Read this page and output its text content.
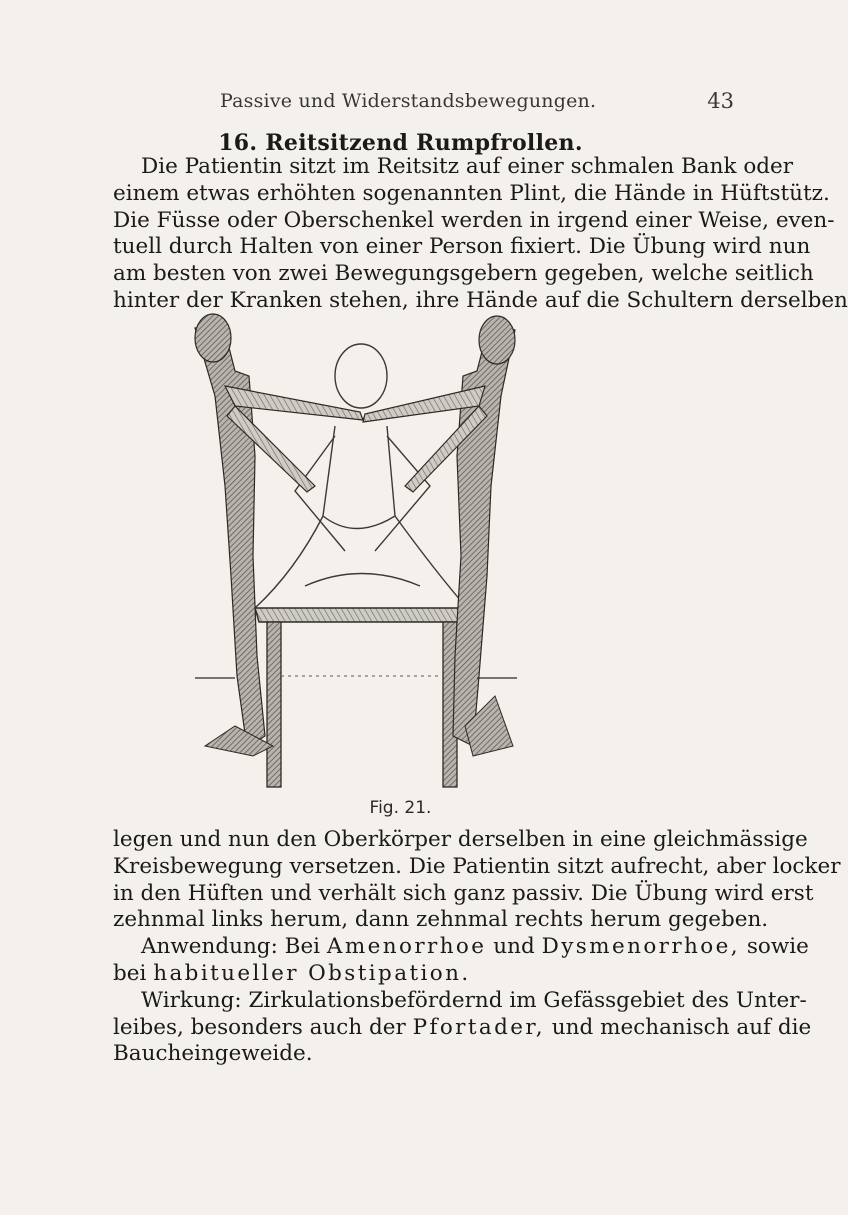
Passive und Widerstandsbewegungen.	43
16. Reitsitzend Rumpfrollen.
Die Patientin sitzt im Reitsitz auf einer schmalen Bank oder
einem etwas erhöhten sogenannten Plint, die Hände in Hüftstütz.
Die Füsse oder Oberschenkel werden in irgend einer Weise, even-
tuell durch Halten von einer Person fixiert. Die Übung wird nun
am besten von zwei Bewegungsgebern gegeben, welche seitlich
hinter der Kranken stehen, ihre Hände auf die Schultern derselben
Fig. 21.
legen und nun den Oberkörper derselben in eine gleichmässige
Kreisbewegung versetzen. Die Patientin sitzt aufrecht, aber locker
in den Hüften und verhält sich ganz passiv. Die Übung wird erst
zehnmal links herum, dann zehnmal rechts herum gegeben.
Anwendung: Bei Amenorrhoe und Dysmenorrhoe, sowie
bei habitueller Obstipation.
Wirkung: Zirkulationsbefördernd im Gefässgebiet des Unter-
leibes, besonders auch der Pfortader, und mechanisch auf die
Baucheingeweide.
